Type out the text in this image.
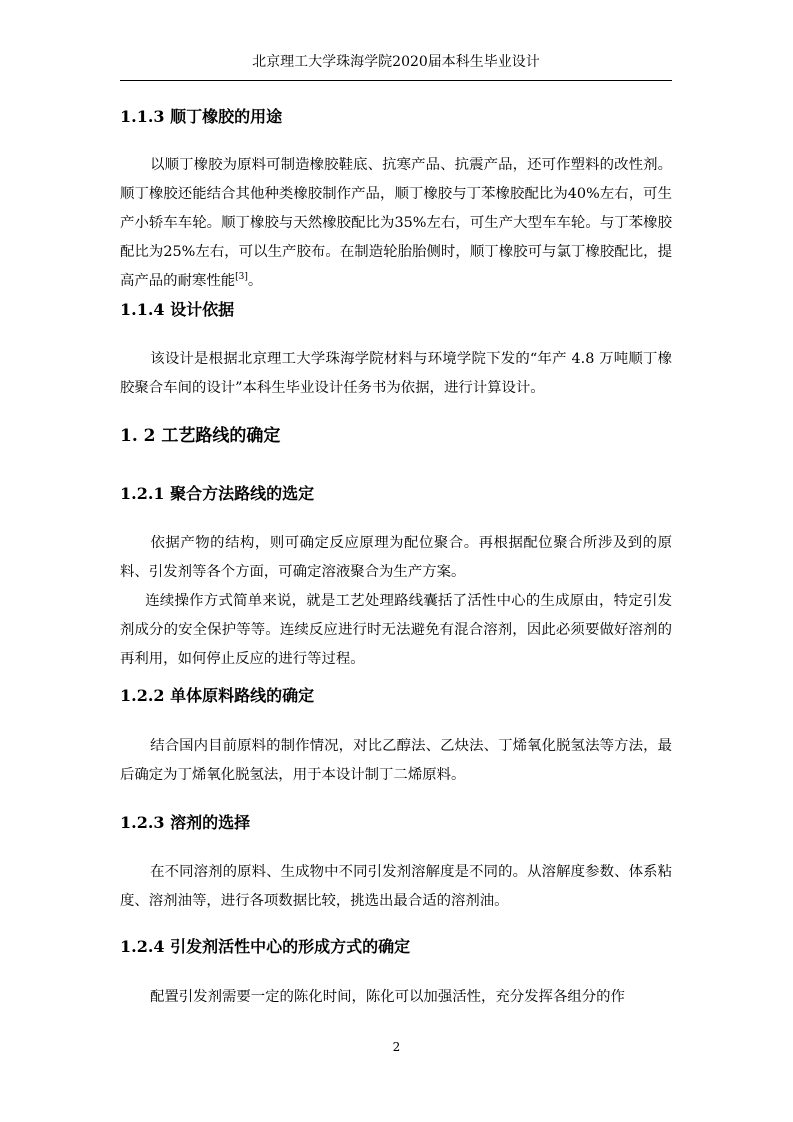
北京理工大学珠海学院2020届本科生毕业设计
1.1.3 顺丁橡胶的用途
以顺丁橡胶为原料可制造橡胶鞋底、抗寒产品、抗震产品，还可作塑料的改性剂。顺丁橡胶还能结合其他种类橡胶制作产品，顺丁橡胶与丁苯橡胶配比为40%左右，可生产小轿车车轮。顺丁橡胶与天然橡胶配比为35%左右，可生产大型车车轮。与丁苯橡胶配比为25%左右，可以生产胶布。在制造轮胎胎侧时，顺丁橡胶可与氯丁橡胶配比，提高产品的耐寒性能[3]。
1.1.4 设计依据
该设计是根据北京理工大学珠海学院材料与环境学院下发的“年产 4.8 万吨顺丁橡胶聚合车间的设计”本科生毕业设计任务书为依据，进行计算设计。
1. 2 工艺路线的确定
1.2.1 聚合方法路线的选定
依据产物的结构，则可确定反应原理为配位聚合。再根据配位聚合所涉及到的原料、引发剂等各个方面，可确定溶液聚合为生产方案。
连续操作方式简单来说，就是工艺处理路线囊括了活性中心的生成原由，特定引发剂成分的安全保护等等。连续反应进行时无法避免有混合溶剂，因此必须要做好溶剂的再利用，如何停止反应的进行等过程。
1.2.2 单体原料路线的确定
结合国内目前原料的制作情况，对比乙醇法、乙炔法、丁烯氧化脱氢法等方法，最后确定为丁烯氧化脱氢法，用于本设计制丁二烯原料。
1.2.3 溶剂的选择
在不同溶剂的原料、生成物中不同引发剂溶解度是不同的。从溶解度参数、体系粘度、溶剂油等，进行各项数据比较，挑选出最合适的溶剂油。
1.2.4 引发剂活性中心的形成方式的确定
配置引发剂需要一定的陈化时间，陈化可以加强活性，充分发挥各组分的作
2
